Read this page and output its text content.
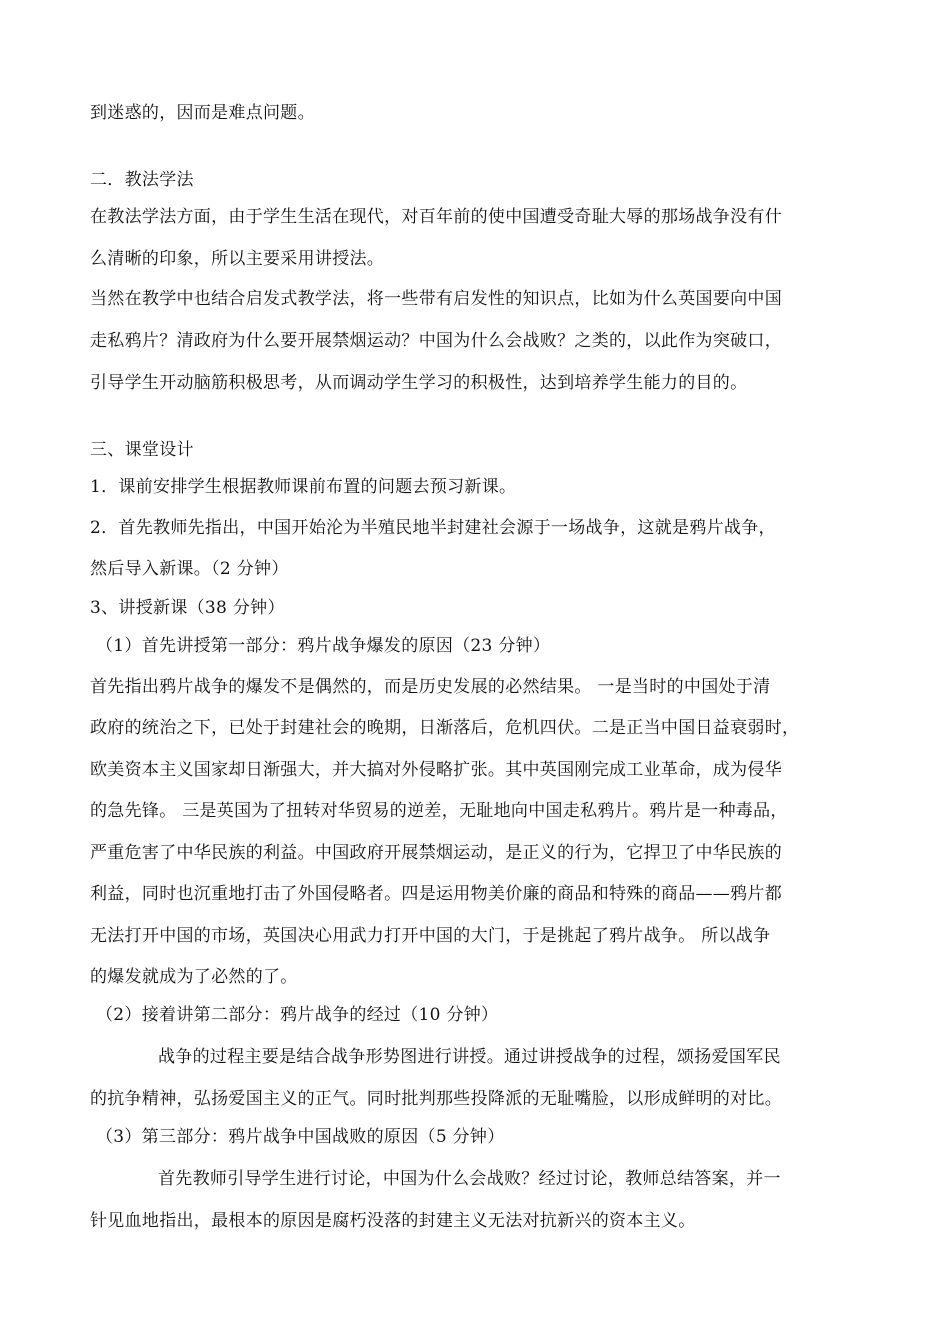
到迷惑的，因而是难点问题。
二．教法学法
在教法学法方面，由于学生生活在现代，对百年前的使中国遭受奇耻大辱的那场战争没有什
么清晰的印象，所以主要采用讲授法。
当然在教学中也结合启发式教学法，将一些带有启发性的知识点，比如为什么英国要向中国
走私鸦片？清政府为什么要开展禁烟运动？中国为什么会战败？之类的，以此作为突破口，
引导学生开动脑筋积极思考，从而调动学生学习的积极性，达到培养学生能力的目的。
三、课堂设计
1．课前安排学生根据教师课前布置的问题去预习新课。
2．首先教师先指出，中国开始沦为半殖民地半封建社会源于一场战争，这就是鸦片战争，
然后导入新课。（2 分钟）
3、讲授新课（38 分钟）
（1）首先讲授第一部分：鸦片战争爆发的原因（23 分钟）
首先指出鸦片战争的爆发不是偶然的，而是历史发展的必然结果。 一是当时的中国处于清
政府的统治之下，已处于封建社会的晚期，日渐落后，危机四伏。二是正当中国日益衰弱时，
欧美资本主义国家却日渐强大，并大搞对外侵略扩张。其中英国刚完成工业革命，成为侵华
的急先锋。 三是英国为了扭转对华贸易的逆差，无耻地向中国走私鸦片。鸦片是一种毒品，
严重危害了中华民族的利益。中国政府开展禁烟运动，是正义的行为，它捍卫了中华民族的
利益，同时也沉重地打击了外国侵略者。四是运用物美价廉的商品和特殊的商品——鸦片都
无法打开中国的市场，英国决心用武力打开中国的大门，于是挑起了鸦片战争。 所以战争
的爆发就成为了必然的了。
（2）接着讲第二部分：鸦片战争的经过（10 分钟）
战争的过程主要是结合战争形势图进行讲授。通过讲授战争的过程，颂扬爱国军民
的抗争精神，弘扬爱国主义的正气。同时批判那些投降派的无耻嘴脸，以形成鲜明的对比。
（3）第三部分：鸦片战争中国战败的原因（5 分钟）
首先教师引导学生进行讨论，中国为什么会战败？经过讨论，教师总结答案，并一
针见血地指出，最根本的原因是腐朽没落的封建主义无法对抗新兴的资本主义。
